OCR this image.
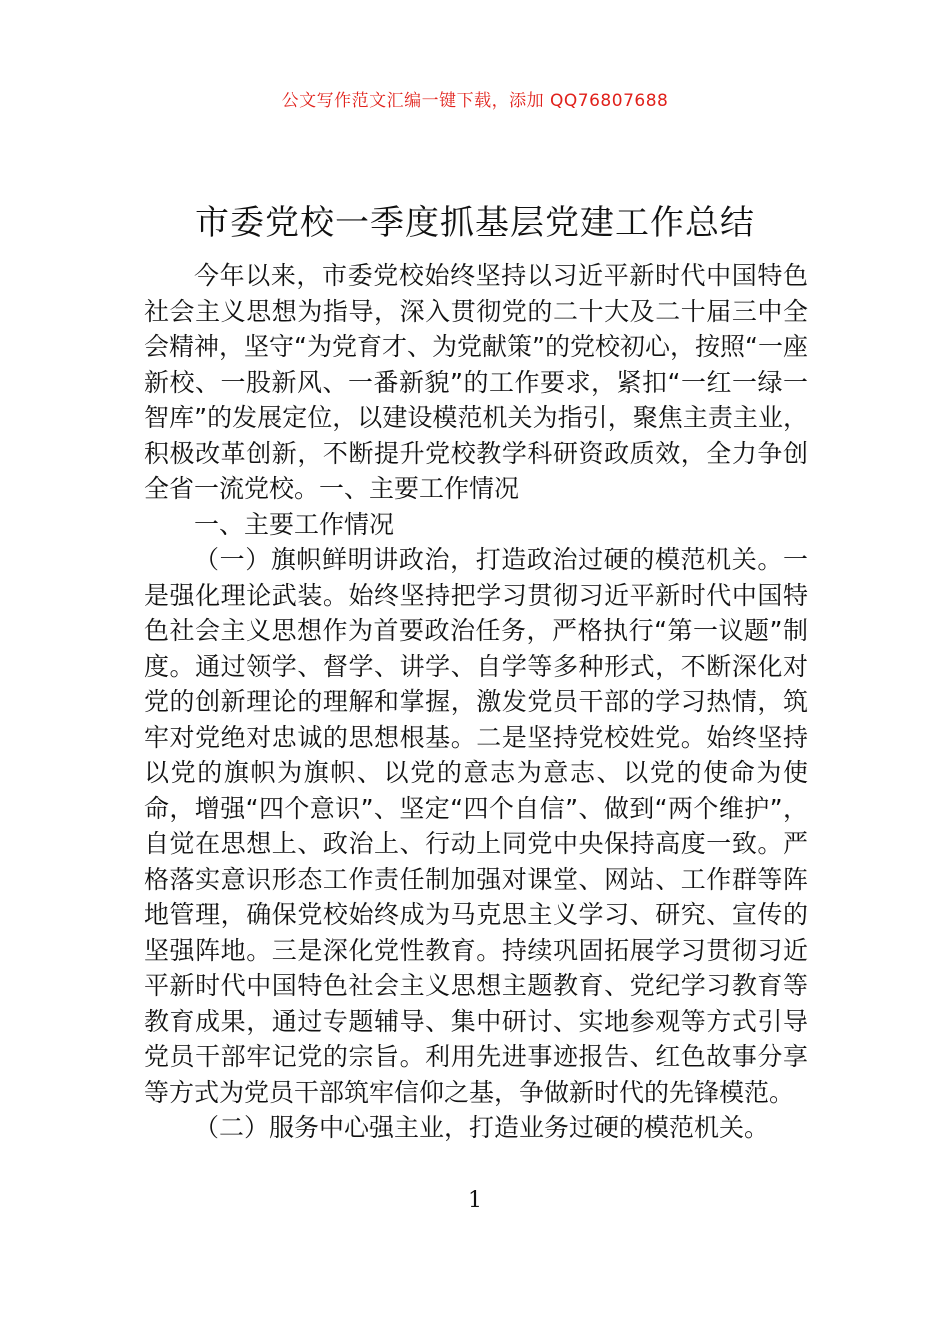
公文写作范文汇编一键下载，添加 QQ76807688
市委党校一季度抓基层党建工作总结

今年以来，市委党校始终坚持以习近平新时代中国特色社会主义思想为指导，深入贯彻党的二十大及二十届三中全会精神，坚守“为党育才、为党献策”的党校初心，按照“一座新校、一股新风、一番新貌”的工作要求，紧扣“一红一绿一智库”的发展定位，以建设模范机关为指引，聚焦主责主业，积极改革创新，不断提升党校教学科研资政质效，全力争创全省一流党校。一、主要工作情况

一、主要工作情况

（一）旗帜鲜明讲政治，打造政治过硬的模范机关。一是强化理论武装。始终坚持把学习贯彻习近平新时代中国特色社会主义思想作为首要政治任务，严格执行“第一议题”制度。通过领学、督学、讲学、自学等多种形式，不断深化对党的创新理论的理解和掌握，激发党员干部的学习热情，筑牢对党绝对忠诚的思想根基。二是坚持党校姓党。始终坚持以党的旗帜为旗帜、以党的意志为意志、以党的使命为使命，增强“四个意识”、坚定“四个自信”、做到“两个维护”，自觉在思想上、政治上、行动上同党中央保持高度一致。严格落实意识形态工作责任制加强对课堂、网站、工作群等阵地管理，确保党校始终成为马克思主义学习、研究、宣传的坚强阵地。三是深化党性教育。持续巩固拓展学习贯彻习近平新时代中国特色社会主义思想主题教育、党纪学习教育等教育成果，通过专题辅导、集中研讨、实地参观等方式引导党员干部牢记党的宗旨。利用先进事迹报告、红色故事分享等方式为党员干部筑牢信仰之基，争做新时代的先锋模范。

（二）服务中心强主业，打造业务过硬的模范机关。

1
